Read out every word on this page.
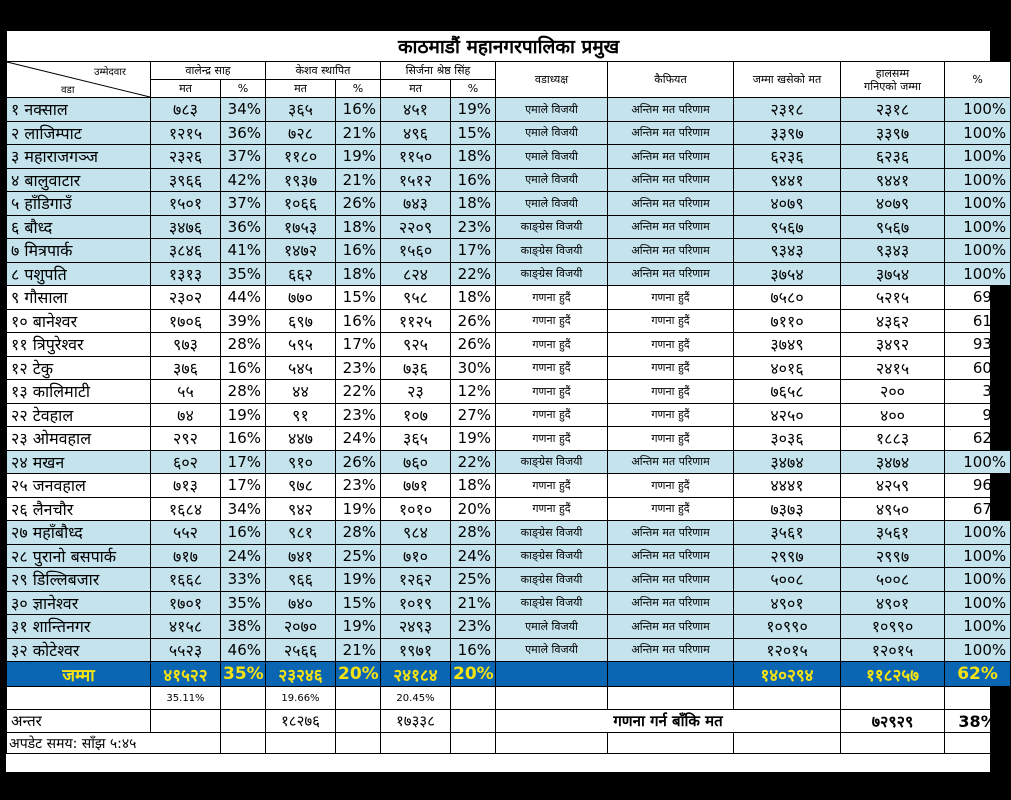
काठमाडौं महानगरपालिका प्रमुख											

उम्मेदवार
वडा	वालेन्द्र साह		केशव स्थापित		सिर्जना श्रेष्ठ सिंह		वडाध्यक्ष	कैफियत	जम्मा खसेको मत	हालसम्म
गनिएको जम्मा	%
	मत	%	मत	%	मत	%					
१ नक्साल	७८३	34%	३६५	16%	४५१	19%	एमाले विजयी	अन्तिम मत परिणाम	२३१८	२३१८	100%
२ लाजिम्पाट	१२१५	36%	७२८	21%	४९६	15%	एमाले विजयी	अन्तिम मत परिणाम	३३९७	३३९७	100%
३ महाराजगञ्ज	२३२६	37%	११८०	19%	११५०	18%	एमाले विजयी	अन्तिम मत परिणाम	६२३६	६२३६	100%
४ बालुवाटार	३९६६	42%	१९३७	21%	१५१२	16%	एमाले विजयी	अन्तिम मत परिणाम	९४४१	९४४१	100%
५ हाँडिगाउँ	१५०१	37%	१०६६	26%	७४३	18%	एमाले विजयी	अन्तिम मत परिणाम	४०७९	४०७९	100%
६ बौध्द	३४७६	36%	१७५३	18%	२२०९	23%	काङ्ग्रेस विजयी	अन्तिम मत परिणाम	९५६७	९५६७	100%
७ मित्रपार्क	३८४६	41%	१४७२	16%	१५६०	17%	काङ्ग्रेस विजयी	अन्तिम मत परिणाम	९३४३	९३४३	100%
८ पशुपति	१३१३	35%	६६२	18%	८२४	22%	काङ्ग्रेस विजयी	अन्तिम मत परिणाम	३७५४	३७५४	100%
९ गौसाला	२३०२	44%	७७०	15%	९५८	18%	गणना हुदैं	गणना हुदैं	७५८०	५२१५	69%
१० बानेश्वर	१७०६	39%	६९७	16%	११२५	26%	गणना हुदैं	गणना हुदैं	७११०	४३६२	61%
११ त्रिपुरेश्वर	९७३	28%	५९५	17%	९२५	26%	गणना हुदैं	गणना हुदैं	३७४९	३४९२	93%
१२ टेकु	३७६	16%	५४५	23%	७३६	30%	गणना हुदैं	गणना हुदैं	४०१६	२४१५	60%
१३ कालिमाटी	५५	28%	४४	22%	२३	12%	गणना हुदैं	गणना हुदैं	७६५८	२००	3%
२२ टेवहाल	७४	19%	९१	23%	१०७	27%	गणना हुदैं	गणना हुदैं	४२५०	४००	9%
२३ ओमवहाल	२९२	16%	४४७	24%	३६५	19%	गणना हुदैं	गणना हुदैं	३०३६	१८८३	62%
२४ मखन	६०२	17%	९१०	26%	७६०	22%	काङ्ग्रेस विजयी	अन्तिम मत परिणाम	३४७४	३४७४	100%
२५ जनवहाल	७१३	17%	९७८	23%	७७१	18%	गणना हुदैं	गणना हुदैं	४४४१	४२५९	96%
२६ लैनचौर	१६८४	34%	९४२	19%	१०१०	20%	गणना हुदैं	गणना हुदैं	७३७३	४९५०	67%
२७ महाँबौध्द	५५२	16%	९८१	28%	९८४	28%	काङ्ग्रेस विजयी	अन्तिम मत परिणाम	३५६१	३५६१	100%
२८ पुरानो बसपार्क	७१७	24%	७४१	25%	७१०	24%	काङ्ग्रेस विजयी	अन्तिम मत परिणाम	२९९७	२९९७	100%
२९ डिल्लिबजार	१६६८	33%	९६६	19%	१२६२	25%	काङ्ग्रेस विजयी	अन्तिम मत परिणाम	५००८	५००८	100%
३० ज्ञानेश्वर	१७०१	35%	७४०	15%	१०१९	21%	काङ्ग्रेस विजयी	अन्तिम मत परिणाम	४९०१	४९०१	100%
३१ शान्तिनगर	४१५८	38%	२०७०	19%	२४९३	23%	एमाले विजयी	अन्तिम मत परिणाम	१०९९०	१०९९०	100%
३२ कोटेश्वर	५५२३	46%	२५६६	21%	१९७१	16%	एमाले विजयी	अन्तिम मत परिणाम	१२०१५	१२०१५	100%
जम्मा	४१५२२	35%	२३२४६	20%	२४१८४	20%			१४०२९४	११८२५७	62%
	35.11%		19.66%		20.45%						
अन्तर			१८२७६		१७३३८		गणना गर्न बाँकि मत			७२९२९	38%
अपडेट समय: साँझ ५:४५											
